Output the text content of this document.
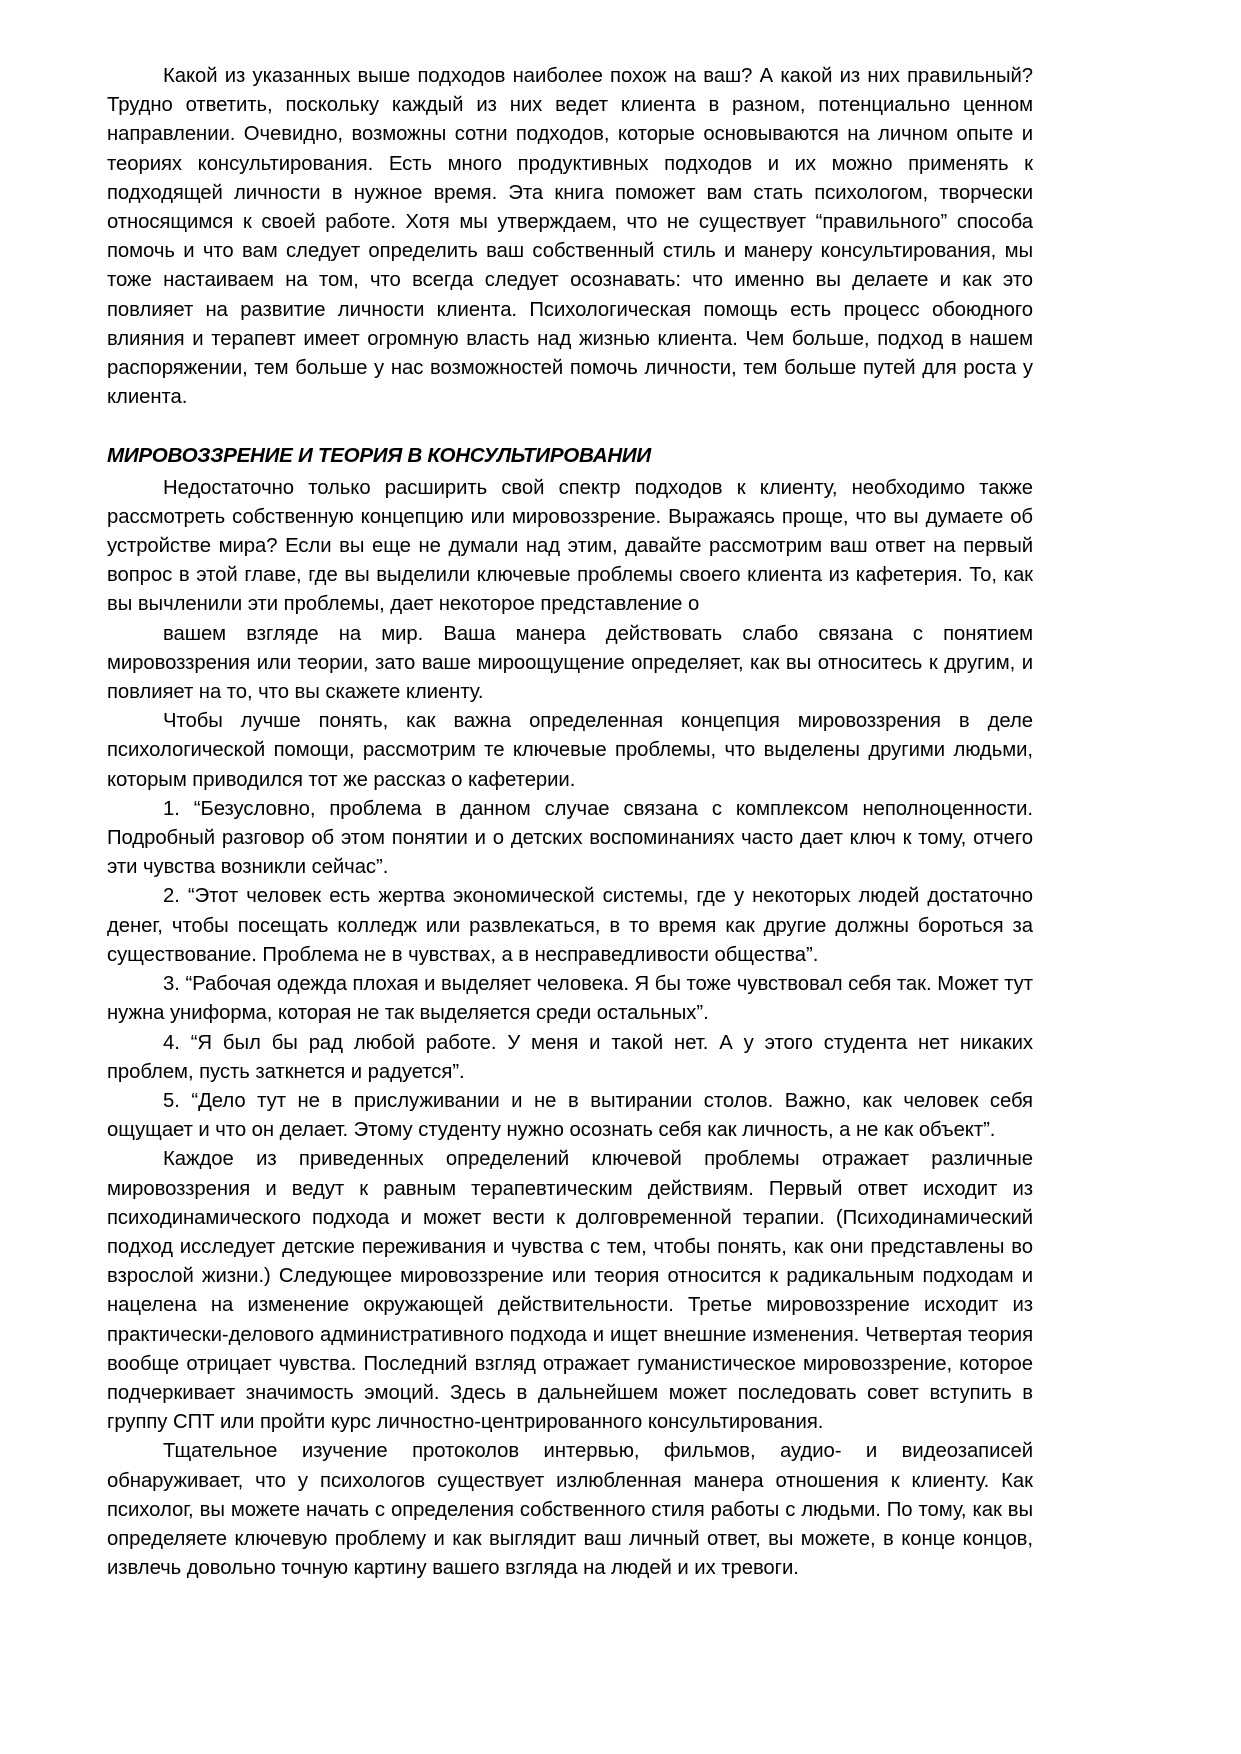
Какой из указанных выше подходов наиболее похож на ваш? А какой из них правильный? Трудно ответить, поскольку каждый из них ведет клиента в разном, потенциально ценном направлении. Очевидно, возможны сотни подходов, которые основываются на личном опыте и теориях консультирования. Есть много продуктивных подходов и их можно применять к подходящей личности в нужное время. Эта книга поможет вам стать психологом, творчески относящимся к своей работе. Хотя мы утверждаем, что не существует “правильного” способа помочь и что вам следует определить ваш собственный стиль и манеру консультирования, мы тоже настаиваем на том, что всегда следует осознавать: что именно вы делаете и как это повлияет на развитие личности клиента. Психологическая помощь есть процесс обоюдного влияния и терапевт имеет огромную власть над жизнью клиента. Чем больше, подход в нашем распоряжении, тем больше у нас возможностей помочь личности, тем больше путей для роста у клиента.

МИРОВОЗЗРЕНИЕ И ТЕОРИЯ В КОНСУЛЬТИРОВАНИИ

Недостаточно только расширить свой спектр подходов к клиенту, необходимо также рассмотреть собственную концепцию или мировоззрение. Выражаясь проще, что вы думаете об устройстве мира? Если вы еще не думали над этим, давайте рассмотрим ваш ответ на первый вопрос в этой главе, где вы выделили ключевые проблемы своего клиента из кафетерия. То, как вы вычленили эти проблемы, дает некоторое представление о

вашем взгляде на мир. Ваша манера действовать слабо связана с понятием мировоззрения или теории, зато ваше мироощущение определяет, как вы относитесь к другим, и повлияет на то, что вы скажете клиенту.

Чтобы лучше понять, как важна определенная концепция мировоззрения в деле психологической помощи, рассмотрим те ключевые проблемы, что выделены другими людьми, которым приводился тот же рассказ о кафетерии.

1. “Безусловно, проблема в данном случае связана с комплексом неполноценности. Подробный разговор об этом понятии и о детских воспоминаниях часто дает ключ к тому, отчего эти чувства возникли сейчас”.

2. “Этот человек есть жертва экономической системы, где у некоторых людей достаточно денег, чтобы посещать колледж или развлекаться, в то время как другие должны бороться за существование. Проблема не в чувствах, а в несправедливости общества”.

3. “Рабочая одежда плохая и выделяет человека. Я бы тоже чувствовал себя так. Может тут нужна униформа, которая не так выделяется среди остальных”.

4. “Я был бы рад любой работе. У меня и такой нет. А у этого студента нет никаких проблем, пусть заткнется и радуется”.

5. “Дело тут не в прислуживании и не в вытирании столов. Важно, как человек себя ощущает и что он делает. Этому студенту нужно осознать себя как личность, а не как объект”.

Каждое из приведенных определений ключевой проблемы отражает различные мировоззрения и ведут к равным терапевтическим действиям. Первый ответ исходит из психодинамического подхода и может вести к долговременной терапии. (Психодинамический подход исследует детские переживания и чувства с тем, чтобы понять, как они представлены во взрослой жизни.) Следующее мировоззрение или теория относится к радикальным подходам и нацелена на изменение окружающей действительности. Третье мировоззрение исходит из практически-делового административного подхода и ищет внешние изменения. Четвертая теория вообще отрицает чувства. Последний взгляд отражает гуманистическое мировоззрение, которое подчеркивает значимость эмоций. Здесь в дальнейшем может последовать совет вступить в группу СПТ или пройти курс личностно-центрированного консультирования.

Тщательное изучение протоколов интервью, фильмов, аудио- и видеозаписей обнаруживает, что у психологов существует излюбленная манера отношения к клиенту. Как психолог, вы можете начать с определения собственного стиля работы с людьми. По тому, как вы определяете ключевую проблему и как выглядит ваш личный ответ, вы можете, в конце концов, извлечь довольно точную картину вашего взгляда на людей и их тревоги.
